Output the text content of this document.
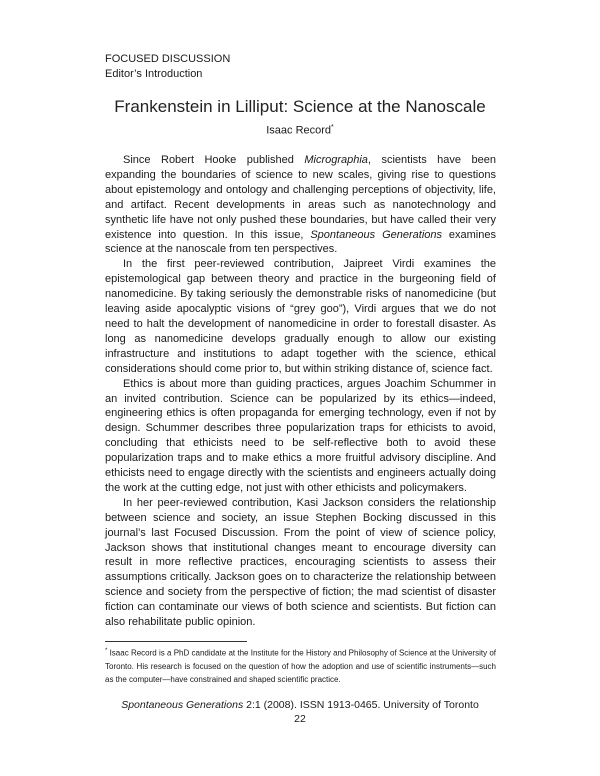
FOCUSED DISCUSSION
Editor’s Introduction
Frankenstein in Lilliput: Science at the Nanoscale
Isaac Record*

Since Robert Hooke published Micrographia, scientists have been expanding the boundaries of science to new scales, giving rise to questions about epistemology and ontology and challenging perceptions of objectivity, life, and artifact. Recent developments in areas such as nanotechnology and synthetic life have not only pushed these boundaries, but have called their very existence into question. In this issue, Spontaneous Generations examines science at the nanoscale from ten perspectives.

In the first peer-reviewed contribution, Jaipreet Virdi examines the epistemological gap between theory and practice in the burgeoning field of nanomedicine. By taking seriously the demonstrable risks of nanomedicine (but leaving aside apocalyptic visions of “grey goo”), Virdi argues that we do not need to halt the development of nanomedicine in order to forestall disaster. As long as nanomedicine develops gradually enough to allow our existing infrastructure and institutions to adapt together with the science, ethical considerations should come prior to, but within striking distance of, science fact.

Ethics is about more than guiding practices, argues Joachim Schummer in an invited contribution. Science can be popularized by its ethics—indeed, engineering ethics is often propaganda for emerging technology, even if not by design. Schummer describes three popularization traps for ethicists to avoid, concluding that ethicists need to be self-reflective both to avoid these popularization traps and to make ethics a more fruitful advisory discipline. And ethicists need to engage directly with the scientists and engineers actually doing the work at the cutting edge, not just with other ethicists and policymakers.

In her peer-reviewed contribution, Kasi Jackson considers the relationship between science and society, an issue Stephen Bocking discussed in this journal’s last Focused Discussion. From the point of view of science policy, Jackson shows that institutional changes meant to encourage diversity can result in more reflective practices, encouraging scientists to assess their assumptions critically. Jackson goes on to characterize the relationship between science and society from the perspective of fiction; the mad scientist of disaster fiction can contaminate our views of both science and scientists. But fiction can also rehabilitate public opinion.

* Isaac Record is a PhD candidate at the Institute for the History and Philosophy of Science at the University of Toronto. His research is focused on the question of how the adoption and use of scientific instruments—such as the computer—have constrained and shaped scientific practice.
Spontaneous Generations 2:1 (2008). ISSN 1913-0465. University of Toronto
22
